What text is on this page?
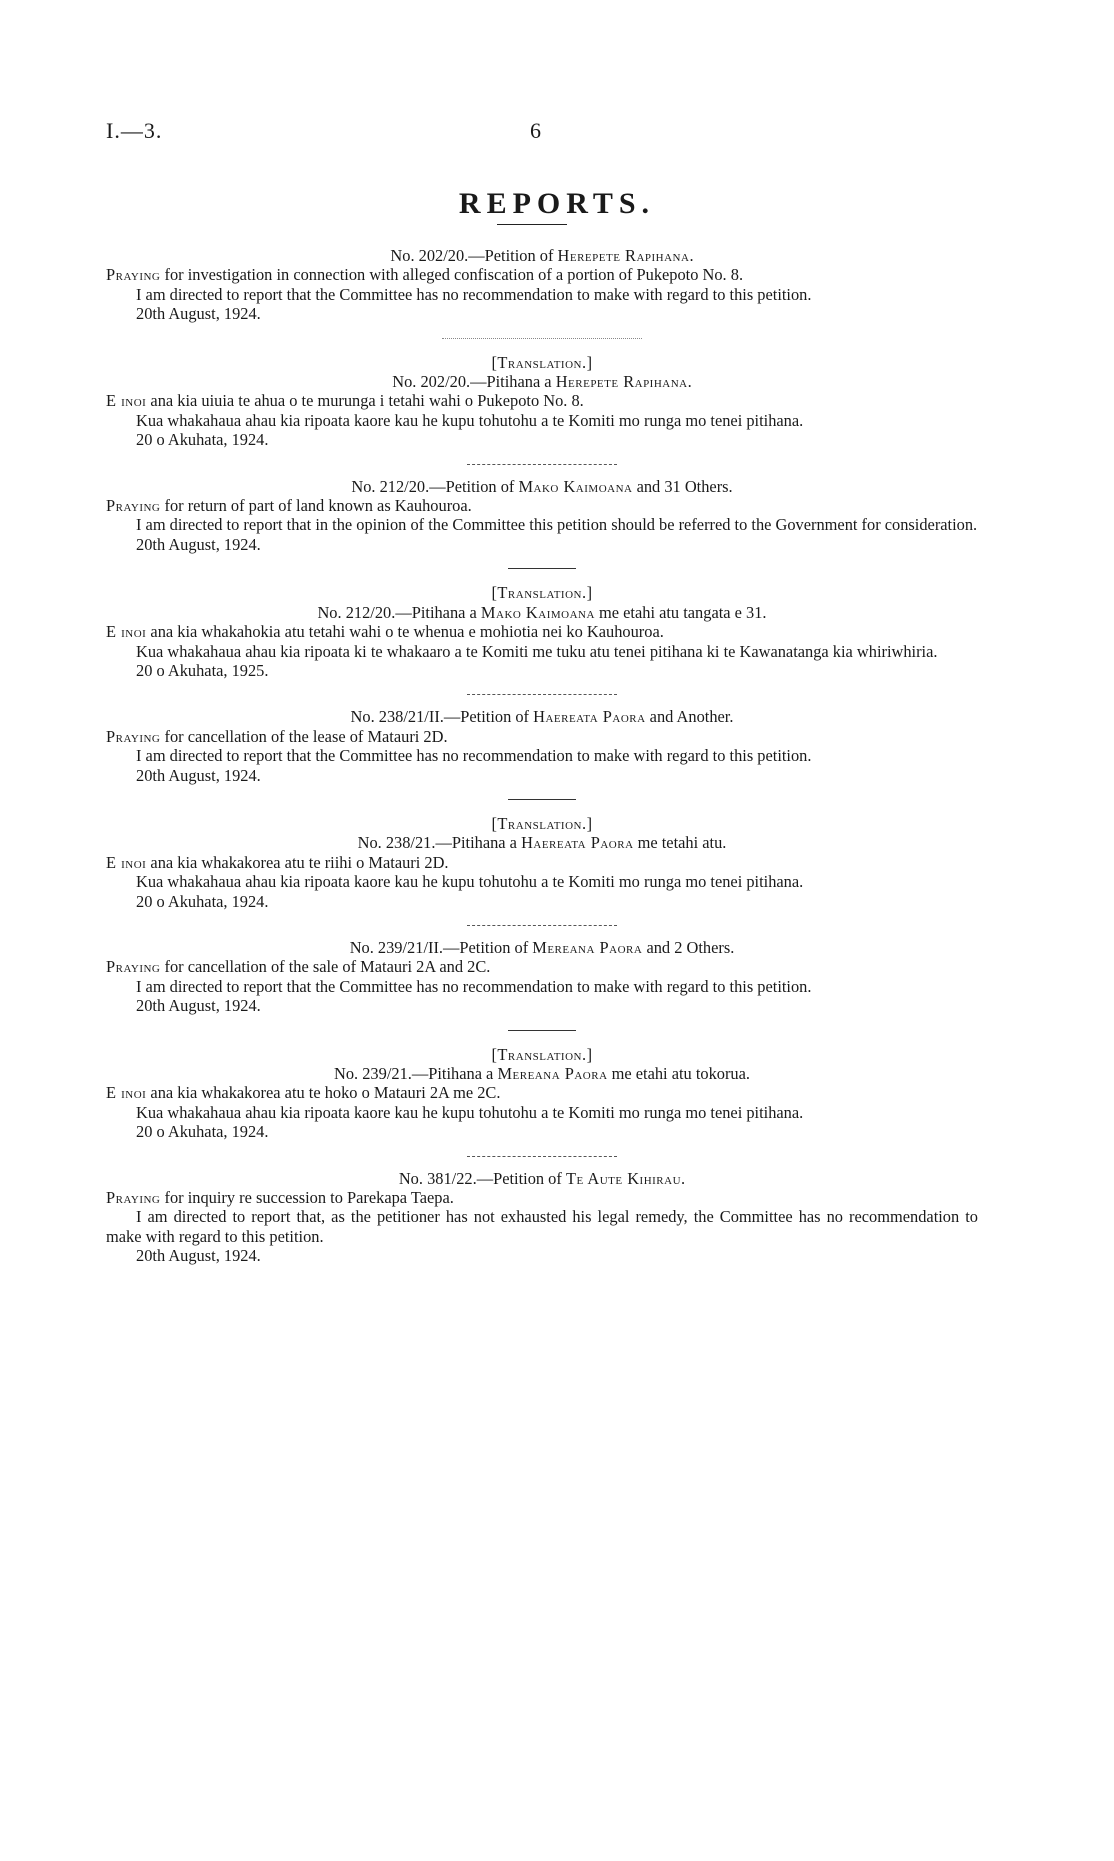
I.—3.	6
REPORTS.

No. 202/20.—Petition of Herepete Rapihana.

Praying for investigation in connection with alleged confiscation of a portion of Pukepoto No. 8.

I am directed to report that the Committee has no recommendation to make with regard to this petition.

20th August, 1924.

[Translation.]

No. 202/20.—Pitihana a Herepete Rapihana.

E inoi ana kia uiuia te ahua o te murunga i tetahi wahi o Pukepoto No. 8.

Kua whakahaua ahau kia ripoata kaore kau he kupu tohutohu a te Komiti mo runga mo tenei pitihana.

20 o Akuhata, 1924.

No. 212/20.—Petition of Mako Kaimoana and 31 Others.

Praying for return of part of land known as Kauhouroa.

I am directed to report that in the opinion of the Committee this petition should be referred to the Government for consideration.

20th August, 1924.

[Translation.]

No. 212/20.—Pitihana a Mako Kaimoana me etahi atu tangata e 31.

E inoi ana kia whakahokia atu tetahi wahi o te whenua e mohiotia nei ko Kauhouroa.

Kua whakahaua ahau kia ripoata ki te whakaaro a te Komiti me tuku atu tenei pitihana ki te Kawanatanga kia whiriwhiria.

20 o Akuhata, 1925.

No. 238/21/II.—Petition of Haereata Paora and Another.

Praying for cancellation of the lease of Matauri 2D.

I am directed to report that the Committee has no recommendation to make with regard to this petition.

20th August, 1924.

[Translation.]

No. 238/21.—Pitihana a Haereata Paora me tetahi atu.

E inoi ana kia whakakorea atu te riihi o Matauri 2D.

Kua whakahaua ahau kia ripoata kaore kau he kupu tohutohu a te Komiti mo runga mo tenei pitihana.

20 o Akuhata, 1924.

No. 239/21/II.—Petition of Mereana Paora and 2 Others.

Praying for cancellation of the sale of Matauri 2A and 2C.

I am directed to report that the Committee has no recommendation to make with regard to this petition.

20th August, 1924.

[Translation.]

No. 239/21.—Pitihana a Mereana Paora me etahi atu tokorua.

E inoi ana kia whakakorea atu te hoko o Matauri 2A me 2C.

Kua whakahaua ahau kia ripoata kaore kau he kupu tohutohu a te Komiti mo runga mo tenei pitihana.

20 o Akuhata, 1924.

No. 381/22.—Petition of Te Aute Kihirau.

Praying for inquiry re succession to Parekapa Taepa.

I am directed to report that, as the petitioner has not exhausted his legal remedy, the Committee has no recommendation to make with regard to this petition.

20th August, 1924.
